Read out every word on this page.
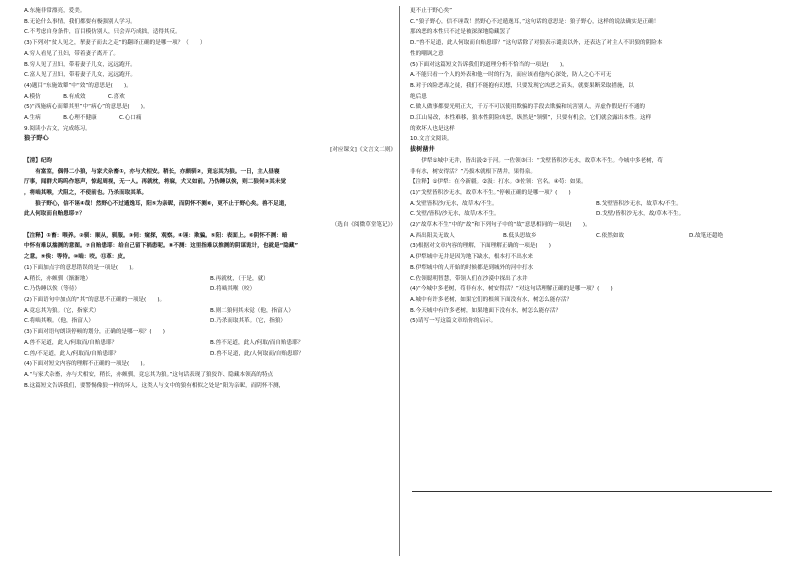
A.东施非常漂亮，爱美。
B.无论什么事情，我们都要有极强别人学习。
C.不考虑自身条件，盲目模仿别人，只会弄巧成拙，适得其反。
(3)下列对“贫人见之，挈妻子而去之走”的翻译正确的是哪一项？（　　）
A.穷人看见了丑妇，带着妻子离开了。
B.穷人见了丑妇，带着妻子儿女，远远跑开。
C.富人见了丑妇，带着妻子儿女，远远跑开。
(4)题目“东施效颦”中“效”的意思是(　　)。
A.模仿　　　　B.有成效　　　　C.喜欢
(5)“西施病心而颦其里”中“病心”的意思是(　　)。
A.生病　　　　B.心理不健康　　　　C.心口痛
9.阅读小古文，完成练习。
狼子野心
[对应课文]《文言文二则》
【清】纪昀
　　有富室，偶得二小狼，与家犬杂畜①，亦与犬相安。稍长，亦颇驯②，竟忘其为狼。一日，主人昼寝
厅事，闻群犬呜呜作怒声，惊起周视，无一人。再就枕，将寐，犬又如前。乃伪睡以俟，则二狼伺③其未觉
，将啮其喉，犬阻之，不使前也。乃杀而取其革。
　　狼子野心，信不诬④哉！然野心不过遁逸耳，阳⑤为亲昵，而阴怀不测⑥，更不止于野心矣。兽不足道，
此人何取而自贻患耶⑦？
（选自《阅微草堂笔记》）
【注释】①畜：喂养。②驯：顺从，驯服。③伺：窥探，观察。④诬：欺骗。⑤阳：表面上。⑥阴怀不测：暗
中怀有难以揣测的意图。⑦自贻患耶：给自己留下祸患呢。⑧不测：这里指难以推测的阴谋诡计，也就是“隐藏”
之意。⑨俟：等待。⑩啮：咬。⑪革：皮。
(1)下面加点字的意思错误的是一项是(　　)。
A.稍长，亦颇驯（渐渐地）	B.再就枕，（于是，就）
C.乃伪睡以俟（等待）	D.将啮其喉（咬）
(2)下面语句中加点的“其”的意思不正确的一项是(　　)。
A.竟忘其为狼。（它，指家犬）	B.则二狼伺其未觉（他，指富人）
C.将啮其喉。（他，指富人）	D.乃杀而取其革。（它，指狼）
(3)下面对语句朗读停顿的划分，正确的是哪一项？(　　)
A.兽不足道，此人/何取而/自贻患耶？	B.兽不足道，此人/何取/而自贻患耶？
C.兽/不足道，此人/何取而/自贻患耶？	D.兽不足道，此/人何取而/自贻患耶？
(4)下面对短文内容的理解不正确的一项是(　　)。
A.“与家犬杂畜，亦与犬相安，稍长，亦颇驯，竟忘其为狼。”这句话表现了狼狡诈、隐藏本领高的特点
B.这篇短文告诉我们，要警惕像狼一样的坏人，这类人与文中的狼有相似之处是“阳为亲昵，而阴怀不测，
更不止于野心矣”
C.“狼子野心，信不诬哉！然野心不过遁逸耳，”这句话的意思是：狼子野心，这样的说法确实是正确！
那凶恶的本性只不过是被深深地隐藏罢了
D.“兽不足道，此人何取而自贻患耶？”这句话除了对狼表示谴责以外，还表达了对主人不识狼的阴险本
性的嘲讽之意
(5)下面对这篇短文告诉我们的道理分析不恰当的一项是(　　)。
A.不能只看一个人的外表和他一时的行为，而应该看他内心深处，防人之心不可无
B.对于凶险恶毒之徒，我们不能抱有幻想，只要发现它凶恶之苗头，就要果断采取措施，以
绝后患
C.做人做事都要光明正大，千万不可以使用欺骗的手段去欺骗和坑害别人，弄虚作假是行不通的
D.江山易改，本性难移，狼本性阴险凶恶，纵然是“领驯”，只要有机会，它们就会露出本性。这样
的欢坏人也是这样
10.文言文阅读。
拔树凿井
　　伊犁①城中无井，皆出汲②于河。一佐领③曰：“戈壁皆积沙无水，故草木不生。今城中多老树，苟
非有水，树安得活？”乃拔木就根下凿井，果得泉。
【注释】①伊犁：在今新疆。②汲：打水。③佐领：官名。④苟：如果。
(1)“戈壁皆积沙无水，故草木不生。”停顿正确的是哪一项？(　　)
A.戈壁皆积沙/无水，故草木/不生。	B.戈壁皆积沙无水，故草木/不生。
C.戈壁/皆积/沙无水，故草/木不生。	D.戈壁/皆积沙无水，故/草木不生。
(2)“故草木不生”中的“故”和下列句子中的“故”意思相同的一项是(　　)。
A.西出阳关无故人	B.低头思故乡	C.依然如故	D.故笔还超绝
(3)根据对文章内容的理解，下面理解正确的一项是(　　)
A.伊犁城中无井是因为地下缺水，根本打不出水来
B.伊犁城中的人开始的时候都是到城外的河中打水
C.佐领聪明智慧，带领人们在沙漠中探出了水井
(4)“今城中多老树，苟非有水，树安得活？”对这句话理解正确的是哪一项？(　　)
A.城中有许多老树，如果它们的根须下面没有水，树怎么能存活？
B.今天城中有许多老树，如果地面下没有水，树怎么能存活？
(5)请写一写这篇文章给你的启示。
